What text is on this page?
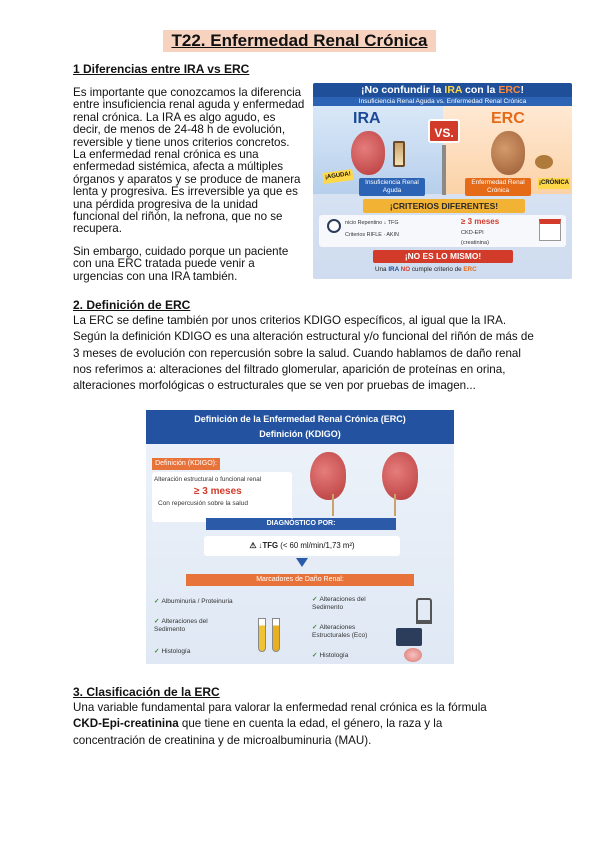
T22. Enfermedad Renal Crónica
1 Diferencias entre IRA vs ERC
Es importante que conozcamos la diferencia entre insuficiencia renal aguda y enfermedad renal crónica. La IRA es algo agudo, es decir, de menos de 24-48 h de evolución, reversible y tiene unos criterios concretos. La enfermedad renal crónica es una enfermedad sistémica, afecta a múltiples órganos y aparatos y se produce de manera lenta y progresiva. Es irreversible ya que es una pérdida progresiva de la unidad funcional del riñón, la nefrona, que no se recupera.
Sin embargo, cuidado porque un paciente con una ERC tratada puede venir a urgencias con una IRA también.
¡No confundir la IRA con la ERC!
Insuficiencia Renal Aguda vs. Enfermedad Renal Crónica
IRA	ERC
VS.
¡AGUDA!
¡CRÓNICA
Insuficiencia Renal Aguda
Enfermedad Renal Crónica
¡CRITERIOS DIFERENTES!
nicio Repentino ↓ TFG
Criterios RIFLE · AKIN
≥ 3 meses
CKD-EPI
(creatinina)
¡NO ES LO MISMO!
Una IRA NO cumple criterio de ERC
2. Definición de ERC
La ERC se define también por unos criterios KDIGO específicos, al igual que la IRA. Según la definición KDIGO es una alteración estructural y/o funcional del riñón de más de 3 meses de evolución con repercusión sobre la salud. Cuando hablamos de daño renal nos referimos a: alteraciones del filtrado glomerular, aparición de proteínas en orina, alteraciones morfológicas o estructurales que se ven por pruebas de imagen...
Definición de la Enfermedad Renal Crónica (ERC)
Definición (KDIGO)
Definición (KDIGO):
Alteración estructural o funcional renal
≥ 3 meses
Con repercusión sobre la salud
DIAGNÓSTICO POR:
⚠ ↓TFG (< 60 ml/min/1,73 m²)
Marcadores de Daño Renal:
✓ Albuminuria / Proteinuria
✓ Alteraciones del Sedimento
✓ Histología
✓ Alteraciones del Sedimento
✓ Alteraciones Estructurales (Eco)
✓ Histología
3. Clasificación de la ERC
Una variable fundamental para valorar la enfermedad renal crónica es la fórmula
CKD-Epi-creatinina que tiene en cuenta la edad, el género, la raza y la
concentración de creatinina y de microalbuminuria (MAU).
